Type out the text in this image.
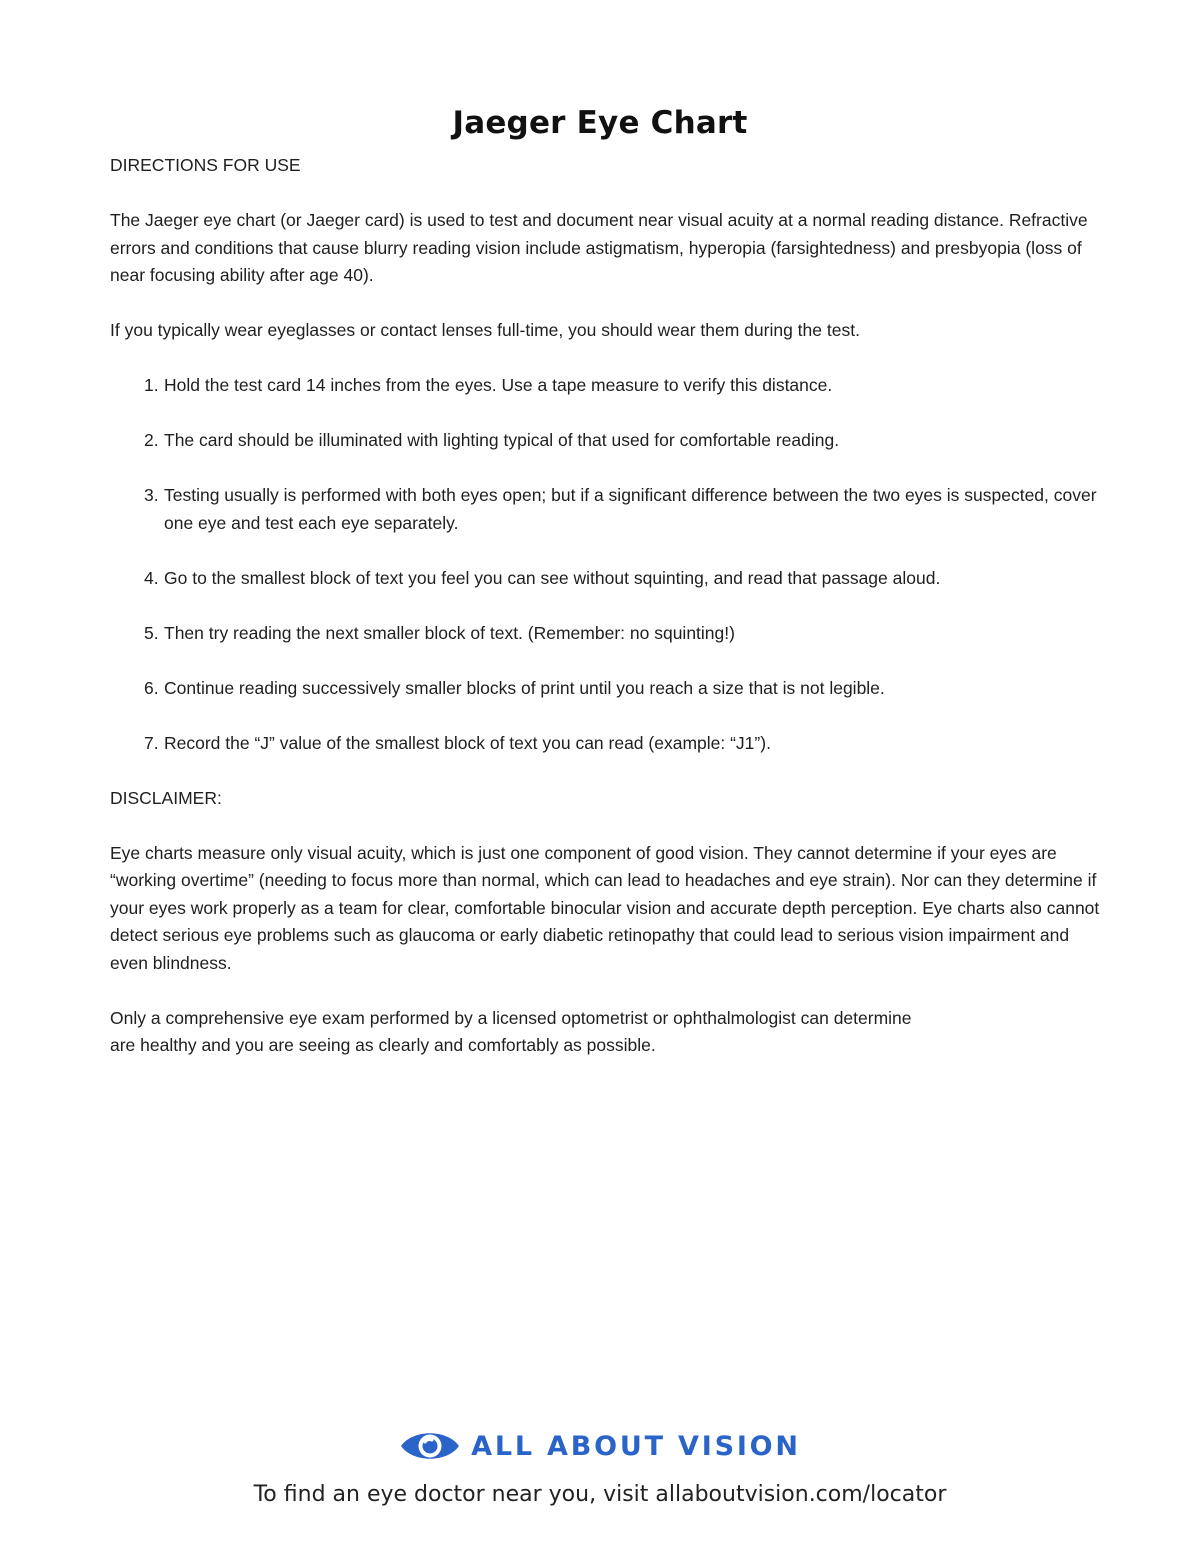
Jaeger Eye Chart
DIRECTIONS FOR USE

The Jaeger eye chart (or Jaeger card) is used to test and document near visual acuity at a normal reading distance. Refractive errors and conditions that cause blurry reading vision include astigmatism, hyperopia (farsightedness) and presbyopia (loss of near focusing ability after age 40).

If you typically wear eyeglasses or contact lenses full-time, you should wear them during the test.

1. Hold the test card 14 inches from the eyes. Use a tape measure to verify this distance.
2. The card should be illuminated with lighting typical of that used for comfortable reading.
3. Testing usually is performed with both eyes open; but if a significant difference between the two eyes is suspected, cover one eye and test each eye separately.
4. Go to the smallest block of text you feel you can see without squinting, and read that passage aloud.
5. Then try reading the next smaller block of text. (Remember: no squinting!)
6. Continue reading successively smaller blocks of print until you reach a size that is not legible.
7. Record the “J” value of the smallest block of text you can read (example: “J1”).
DISCLAIMER:

Eye charts measure only visual acuity, which is just one component of good vision. They cannot determine if your eyes are “working overtime” (needing to focus more than normal, which can lead to headaches and eye strain). Nor can they determine if your eyes work properly as a team for clear, comfortable binocular vision and accurate depth perception. Eye charts also cannot detect serious eye problems such as glaucoma or early diabetic retinopathy that could lead to serious vision impairment and even blindness.

Only a comprehensive eye exam performed by a licensed optometrist or ophthalmologist can determine
are healthy and you are seeing as clearly and comfortably as possible.

ALL ABOUT VISION
To find an eye doctor near you, visit allaboutvision.com/locator
